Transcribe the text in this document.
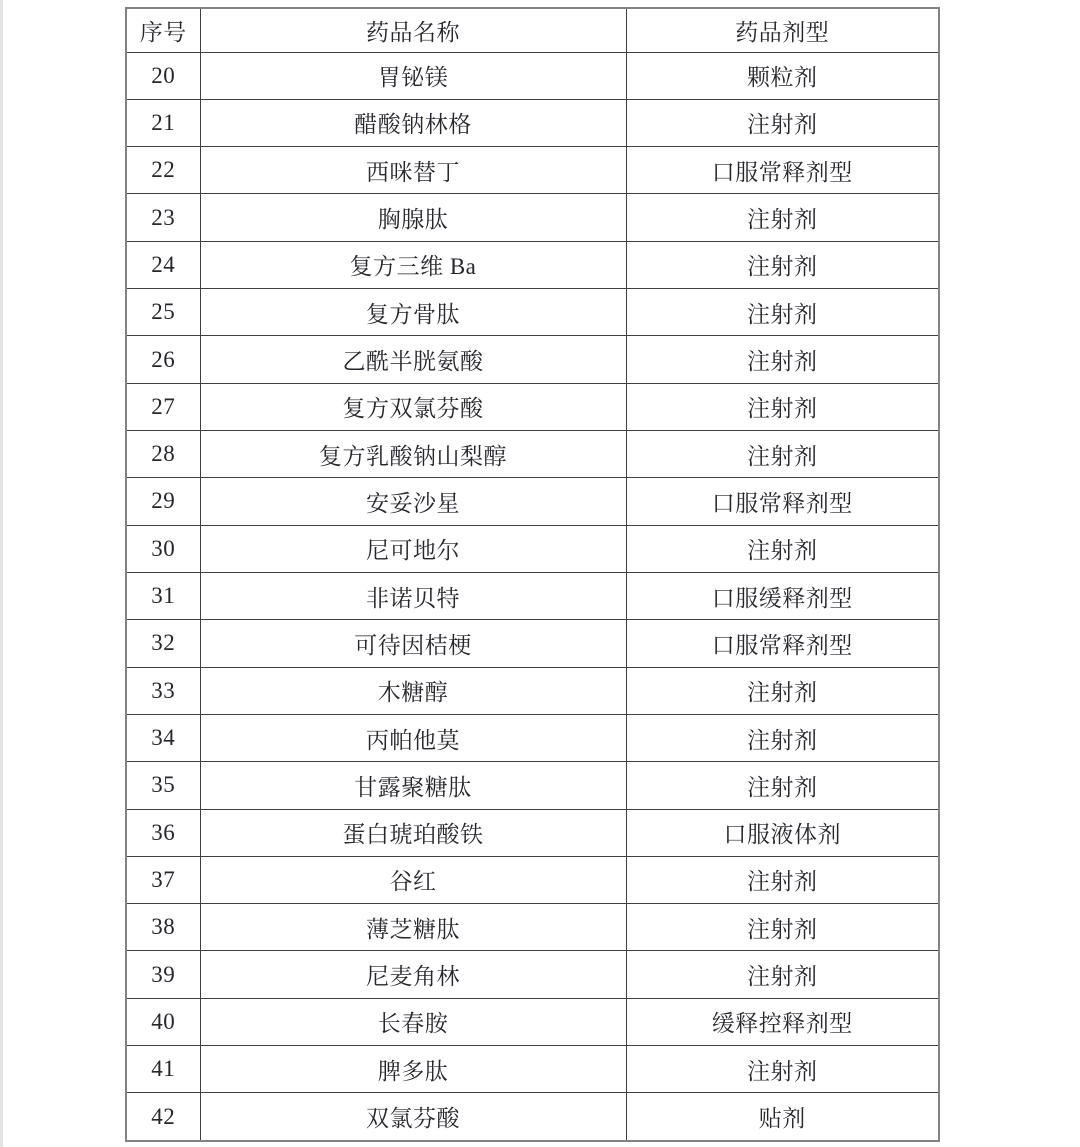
序号	药品名称	药品剂型
20	胃铋镁	颗粒剂
21	醋酸钠林格	注射剂
22	西咪替丁	口服常释剂型
23	胸腺肽	注射剂
24	复方三维 Ba	注射剂
25	复方骨肽	注射剂
26	乙酰半胱氨酸	注射剂
27	复方双氯芬酸	注射剂
28	复方乳酸钠山梨醇	注射剂
29	安妥沙星	口服常释剂型
30	尼可地尔	注射剂
31	非诺贝特	口服缓释剂型
32	可待因桔梗	口服常释剂型
33	木糖醇	注射剂
34	丙帕他莫	注射剂
35	甘露聚糖肽	注射剂
36	蛋白琥珀酸铁	口服液体剂
37	谷红	注射剂
38	薄芝糖肽	注射剂
39	尼麦角林	注射剂
40	长春胺	缓释控释剂型
41	脾多肽	注射剂
42	双氯芬酸	贴剂
